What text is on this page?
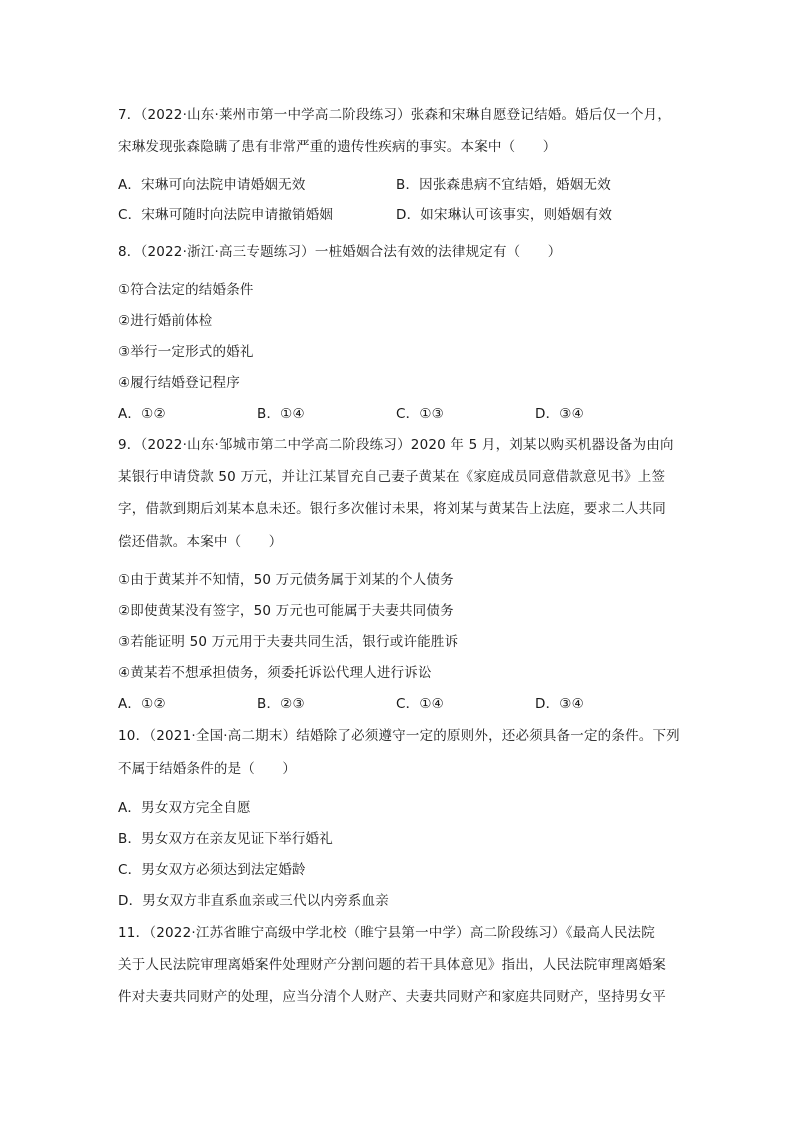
7．（2022·山东·莱州市第一中学高二阶段练习）张森和宋琳自愿登记结婚。婚后仅一个月，
宋琳发现张森隐瞒了患有非常严重的遗传性疾病的事实。本案中（　　）
A．宋琳可向法院申请婚姻无效	B．因张森患病不宜结婚，婚姻无效
C．宋琳可随时向法院申请撤销婚姻	D．如宋琳认可该事实，则婚姻有效
8．（2022·浙江·高三专题练习）一桩婚姻合法有效的法律规定有（　　）
①符合法定的结婚条件
②进行婚前体检
③举行一定形式的婚礼
④履行结婚登记程序
A．①②	B．①④	C．①③	D．③④
9．（2022·山东·邹城市第二中学高二阶段练习）2020 年 5 月，刘某以购买机器设备为由向
某银行申请贷款 50 万元，并让江某冒充自己妻子黄某在《家庭成员同意借款意见书》上签
字，借款到期后刘某本息未还。银行多次催讨未果，将刘某与黄某告上法庭，要求二人共同
偿还借款。本案中（　　）
①由于黄某并不知情，50 万元债务属于刘某的个人债务
②即使黄某没有签字，50 万元也可能属于夫妻共同债务
③若能证明 50 万元用于夫妻共同生活，银行或许能胜诉
④黄某若不想承担债务，须委托诉讼代理人进行诉讼
A．①②	B．②③	C．①④	D．③④
10．（2021·全国·高二期末）结婚除了必须遵守一定的原则外，还必须具备一定的条件。下列
不属于结婚条件的是（　　）
A．男女双方完全自愿
B．男女双方在亲友见证下举行婚礼
C．男女双方必须达到法定婚龄
D．男女双方非直系血亲或三代以内旁系血亲
11．（2022·江苏省睢宁高级中学北校（睢宁县第一中学）高二阶段练习）《最高人民法院
关于人民法院审理离婚案件处理财产分割问题的若干具体意见》指出，人民法院审理离婚案
件对夫妻共同财产的处理，应当分清个人财产、夫妻共同财产和家庭共同财产，坚持男女平
